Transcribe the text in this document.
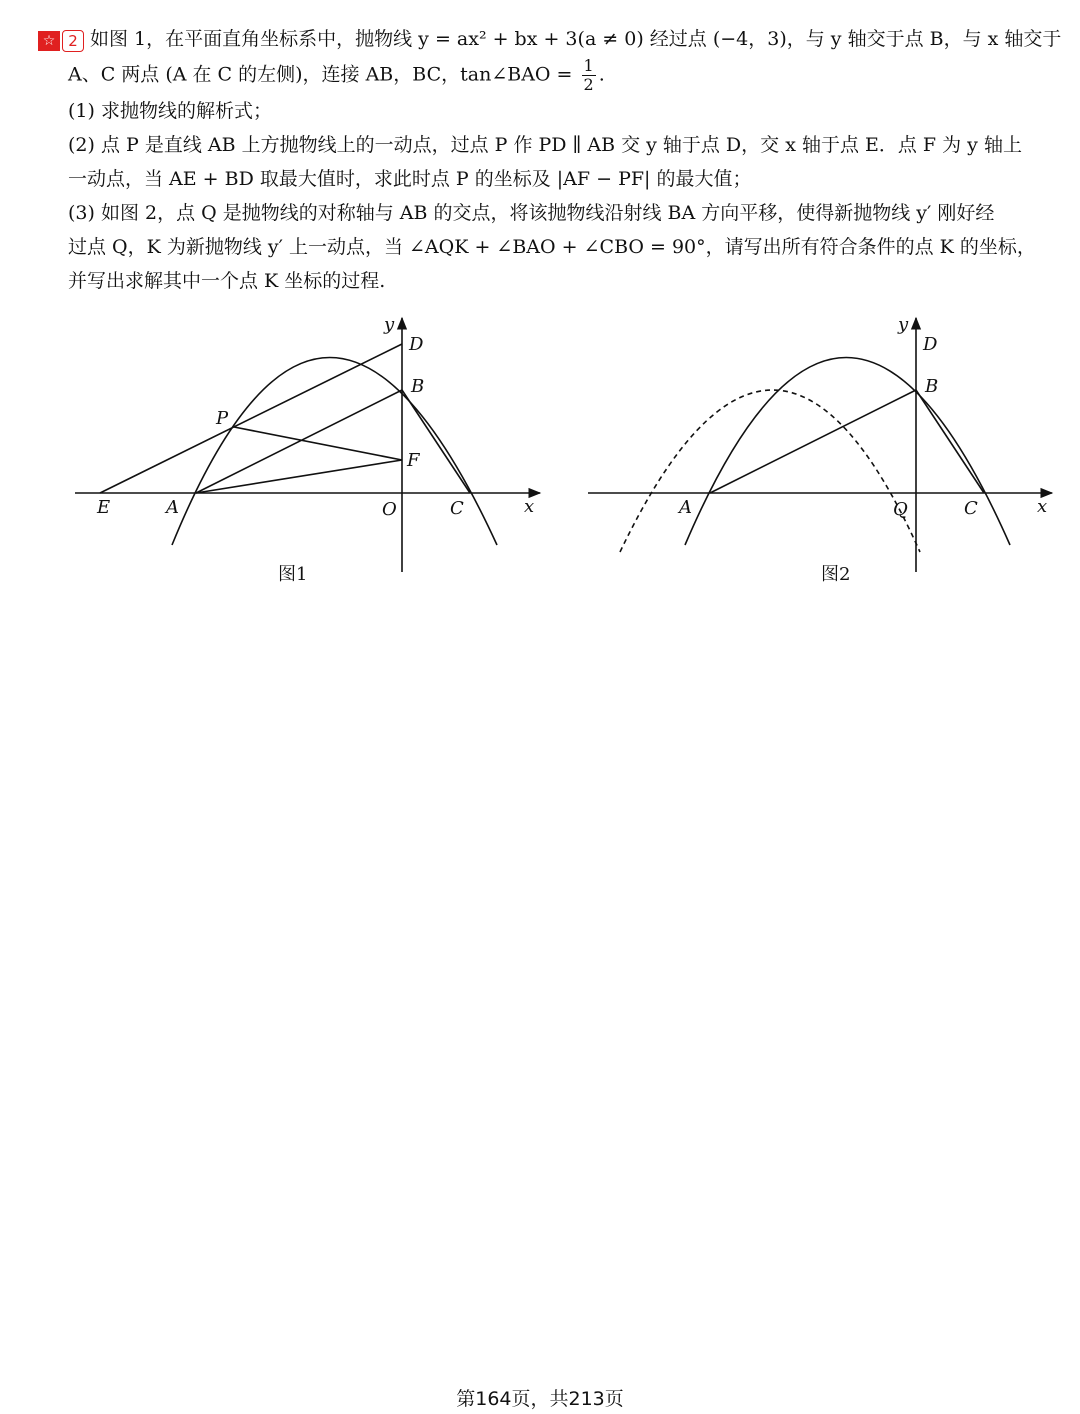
☆ 2 如图 1，在平面直角坐标系中，抛物线 y = ax² + bx + 3(a ≠ 0) 经过点 (−4，3)，与 y 轴交于点 B，与 x 轴交于
A、C 两点 (A 在 C 的左侧)，连接 AB，BC，tan∠BAO = $\frac{1}{2}$ .
(1) 求抛物线的解析式；
(2) 点 P 是直线 AB 上方抛物线上的一动点，过点 P 作 PD ∥ AB 交 y 轴于点 D，交 x 轴于点 E．点 F 为 y 轴上
一动点，当 AE + BD 取最大值时，求此时点 P 的坐标及 |AF − PF| 的最大值；
(3) 如图 2，点 Q 是抛物线的对称轴与 AB 的交点，将该抛物线沿射线 BA 方向平移，使得新抛物线 y′ 刚好经
过点 Q，K 为新抛物线 y′ 上一动点，当 ∠AQK + ∠BAO + ∠CBO = 90°，请写出所有符合条件的点 K 的坐标，
并写出求解其中一个点 K 坐标的过程.
y
D
B
P
F
E	A	O	C	x
图1
y
D
B
A	Q	C	x
图2
第164页，共213页
